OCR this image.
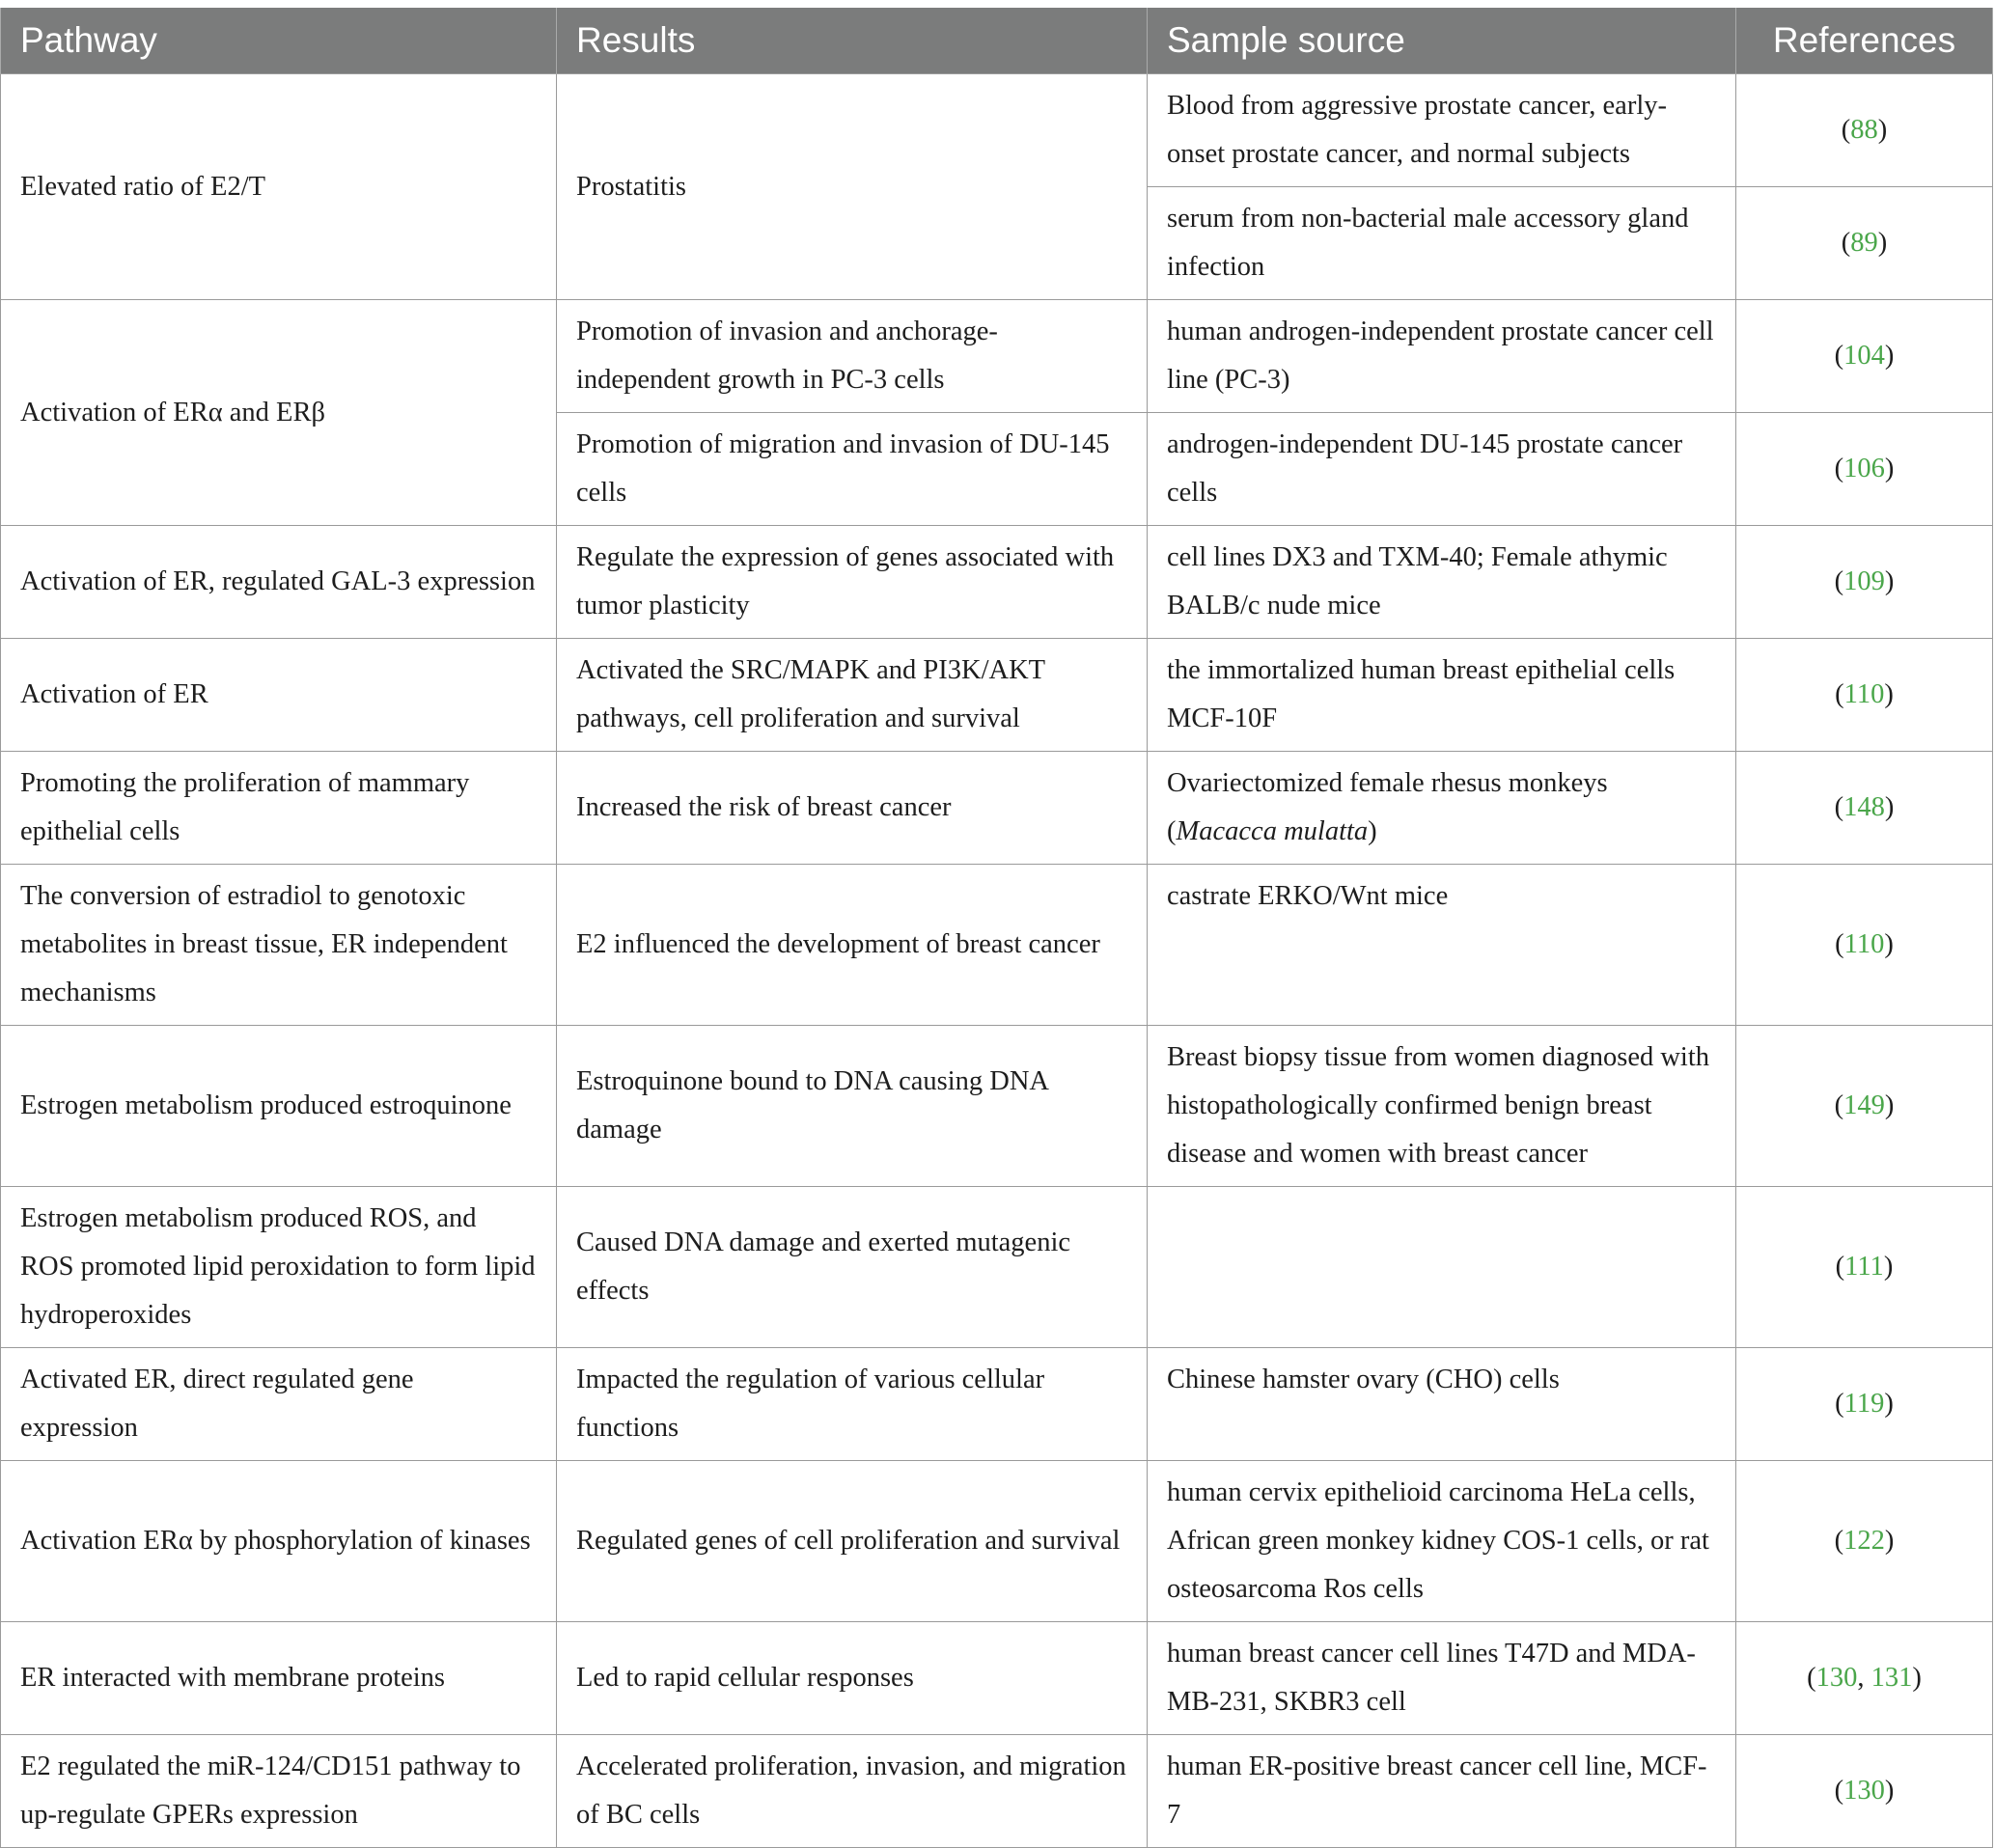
Pathway	Results	Sample source	References
Elevated ratio of E2/T	Prostatitis	Blood from aggressive prostate cancer, early-onset prostate cancer, and normal subjects	(88)
		serum from non-bacterial male accessory gland infection	(89)
Activation of ERα and ERβ	Promotion of invasion and anchorage-independent growth in PC-3 cells	human androgen-independent prostate cancer cell line (PC-3)	(104)
	Promotion of migration and invasion of DU-145 cells	androgen-independent DU-145 prostate cancer cells	(106)
Activation of ER, regulated GAL-3 expression	Regulate the expression of genes associated with tumor plasticity	cell lines DX3 and TXM-40; Female athymic BALB/c nude mice	(109)
Activation of ER	Activated the SRC/MAPK and PI3K/AKT pathways, cell proliferation and survival	the immortalized human breast epithelial cells MCF-10F	(110)
Promoting the proliferation of mammary epithelial cells	Increased the risk of breast cancer	Ovariectomized female rhesus monkeys (Macacca mulatta)	(148)
The conversion of estradiol to genotoxic metabolites in breast tissue, ER independent mechanisms	E2 influenced the development of breast cancer	castrate ERKO/Wnt mice	(110)
Estrogen metabolism produced estroquinone	Estroquinone bound to DNA causing DNA damage	Breast biopsy tissue from women diagnosed with histopathologically confirmed benign breast disease and women with breast cancer	(149)
Estrogen metabolism produced ROS, and ROS promoted lipid peroxidation to form lipid hydroperoxides	Caused DNA damage and exerted mutagenic effects		(111)
Activated ER, direct regulated gene expression	Impacted the regulation of various cellular functions	Chinese hamster ovary (CHO) cells	(119)
Activation ERα by phosphorylation of kinases	Regulated genes of cell proliferation and survival	human cervix epithelioid carcinoma HeLa cells, African green monkey kidney COS-1 cells, or rat osteosarcoma Ros cells	(122)
ER interacted with membrane proteins	Led to rapid cellular responses	human breast cancer cell lines T47D and MDA-MB-231, SKBR3 cell	(130, 131)
E2 regulated the miR-124/CD151 pathway to up-regulate GPERs expression	Accelerated proliferation, invasion, and migration of BC cells	human ER-positive breast cancer cell line, MCF-7	(130)
